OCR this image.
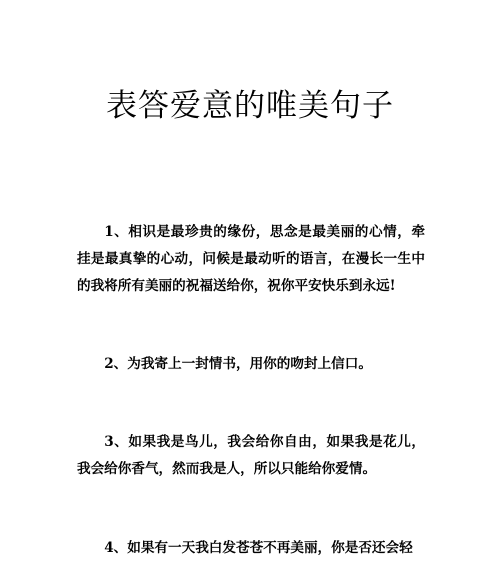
表答爱意的唯美句子

1、相识是最珍贵的缘份，思念是最美丽的心情，牵挂是最真挚的心动，问候是最动听的语言，在漫长一生中的我将所有美丽的祝福送给你，祝你平安快乐到永远!

2、为我寄上一封情书，用你的吻封上信口。

3、如果我是鸟儿，我会给你自由，如果我是花儿，我会给你香气，然而我是人，所以只能给你爱情。

4、如果有一天我白发苍苍不再美丽，你是否还会轻
